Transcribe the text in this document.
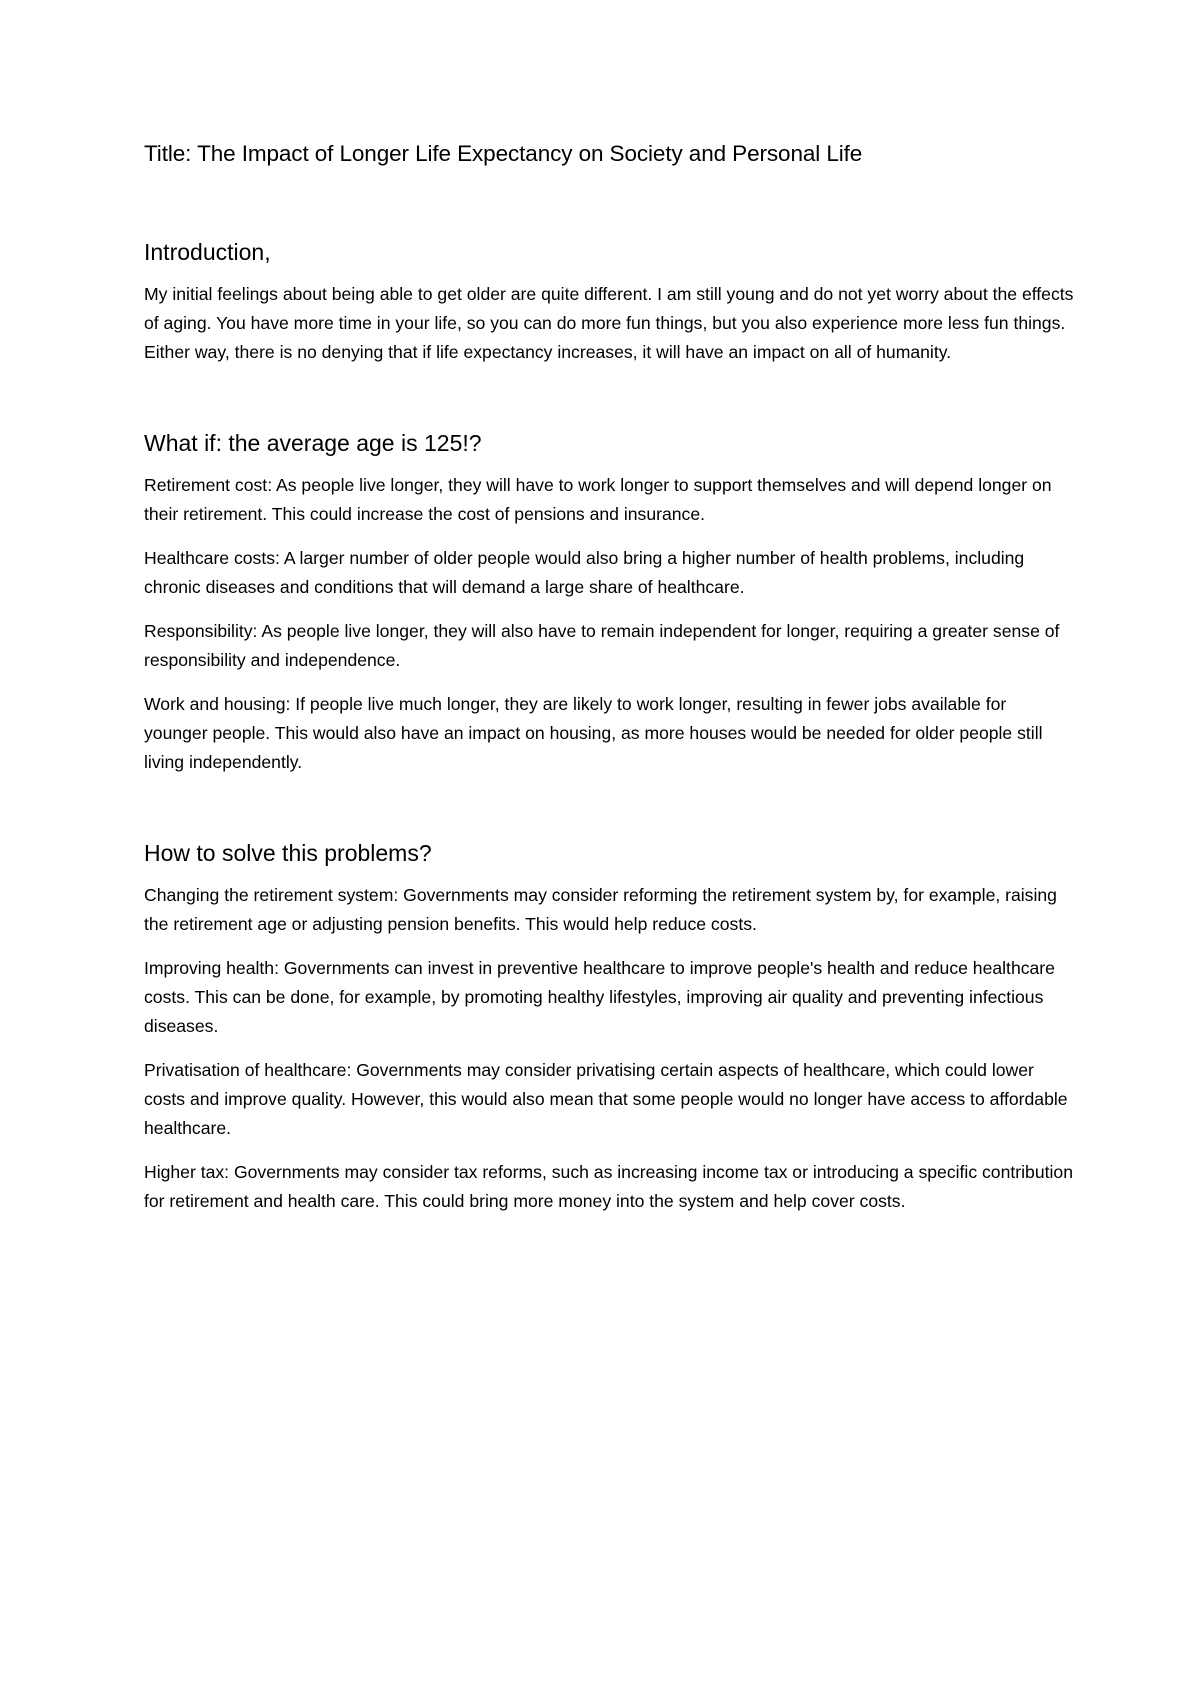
Title: The Impact of Longer Life Expectancy on Society and Personal Life
Introduction,

My initial feelings about being able to get older are quite different. I am still young and do not yet worry about the effects of aging. You have more time in your life, so you can do more fun things, but you also experience more less fun things. Either way, there is no denying that if life expectancy increases, it will have an impact on all of humanity.

What if: the average age is 125!?

Retirement cost: As people live longer, they will have to work longer to support themselves and will depend longer on their retirement. This could increase the cost of pensions and insurance.

Healthcare costs: A larger number of older people would also bring a higher number of health problems, including chronic diseases and conditions that will demand a large share of healthcare.

Responsibility: As people live longer, they will also have to remain independent for longer, requiring a greater sense of responsibility and independence.

Work and housing: If people live much longer, they are likely to work longer, resulting in fewer jobs available for younger people. This would also have an impact on housing, as more houses would be needed for older people still living independently.

How to solve this problems?

Changing the retirement system: Governments may consider reforming the retirement system by, for example, raising the retirement age or adjusting pension benefits. This would help reduce costs.

Improving health: Governments can invest in preventive healthcare to improve people's health and reduce healthcare costs. This can be done, for example, by promoting healthy lifestyles, improving air quality and preventing infectious diseases.

Privatisation of healthcare: Governments may consider privatising certain aspects of healthcare, which could lower costs and improve quality. However, this would also mean that some people would no longer have access to affordable healthcare.

Higher tax: Governments may consider tax reforms, such as increasing income tax or introducing a specific contribution for retirement and health care. This could bring more money into the system and help cover costs.
